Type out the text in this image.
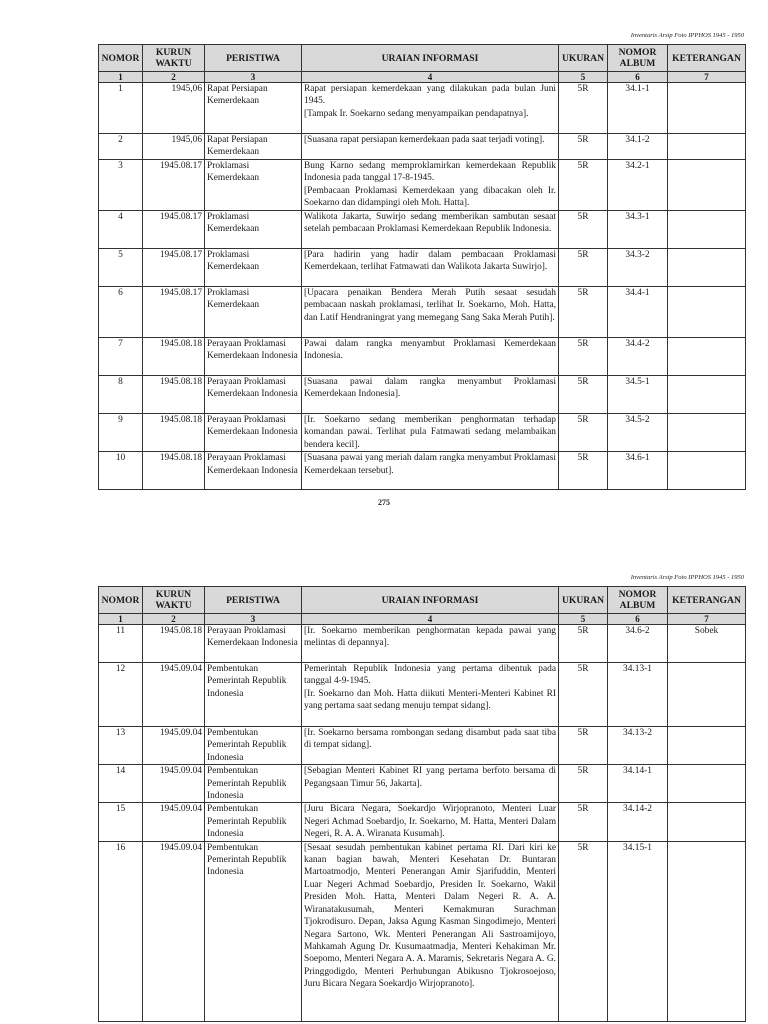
Inventaris Arsip Foto IPPHOS 1945 - 1950
NOMOR	KURUN WAKTU	PERISTIWA	URAIAN INFORMASI	UKURAN	NOMOR ALBUM	KETERANGAN
1	2	3	4	5	6	7
1	1945,06	Rapat Persiapan Kemerdekaan	Rapat persiapan kemerdekaan yang dilakukan pada bulan Juni 1945.
[Tampak Ir. Soekarno sedang menyampaikan pendapatnya].	5R	34.1-1	
2	1945,06	Rapat Persiapan Kemerdekaan	[Suasana rapat persiapan kemerdekaan pada saat terjadi voting].	5R	34.1-2	
3	1945.08.17	Proklamasi Kemerdekaan	Bung Karno sedang memproklamirkan kemerdekaan Republik Indonesia pada tanggal 17-8-1945.
[Pembacaan Proklamasi Kemerdekaan yang dibacakan oleh Ir. Soekarno dan didampingi oleh Moh. Hatta].	5R	34.2-1	
4	1945.08.17	Proklamasi Kemerdekaan	Walikota Jakarta, Suwirjo sedang memberikan sambutan sesaat setelah pembacaan Proklamasi Kemerdekaan Republik Indonesia.	5R	34.3-1	
5	1945.08.17	Proklamasi Kemerdekaan	[Para hadirin yang hadir dalam pembacaan Proklamasi Kemerdekaan, terlihat Fatmawati dan Walikota Jakarta Suwirjo].	5R	34.3-2	
6	1945.08.17	Proklamasi Kemerdekaan	[Upacara penaikan Bendera Merah Putih sesaat sesudah pembacaan naskah proklamasi, terlihat Ir. Soekarno, Moh. Hatta, dan Latif Hendraningrat yang memegang Sang Saka Merah Putih].	5R	34.4-1	
7	1945.08.18	Perayaan Proklamasi Kemerdekaan Indonesia	Pawai dalam rangka menyambut Proklamasi Kemerdekaan Indonesia.	5R	34.4-2	
8	1945.08.18	Perayaan Proklamasi Kemerdekaan Indonesia	[Suasana pawai dalam rangka menyambut Proklamasi Kemerdekaan Indonesia].	5R	34.5-1	
9	1945.08.18	Perayaan Proklamasi Kemerdekaan Indonesia	[Ir. Soekarno sedang memberikan penghormatan terhadap komandan pawai. Terlihat pula Fatmawati sedang melambaikan bendera kecil].	5R	34.5-2	
10	1945.08.18	Perayaan Proklamasi Kemerdekaan Indonesia	[Suasana pawai yang meriah dalam rangka menyambut Proklamasi Kemerdekaan tersebut].	5R	34.6-1	
275
Inventaris Arsip Foto IPPHOS 1945 - 1950
NOMOR	KURUN WAKTU	PERISTIWA	URAIAN INFORMASI	UKURAN	NOMOR ALBUM	KETERANGAN
1	2	3	4	5	6	7
11	1945.08.18	Perayaan Proklamasi Kemerdekaan Indonesia	[Ir. Soekarno memberikan penghormatan kepada pawai yang melintas di depannya].	5R	34.6-2	Sobek
12	1945.09.04	Pembentukan Pemerintah Republik Indonesia	Pemerintah Republik Indonesia yang pertama dibentuk pada tanggal 4-9-1945.
[Ir. Soekarno dan Moh. Hatta diikuti Menteri-Menteri Kabinet RI yang pertama saat sedang menuju tempat sidang].	5R	34.13-1	
13	1945.09.04	Pembentukan Pemerintah Republik Indonesia	[Ir. Soekarno bersama rombongan sedang disambut pada saat tiba di tempat sidang].	5R	34.13-2	
14	1945.09.04	Pembentukan Pemerintah Republik Indonesia	[Sebagian Menteri Kabinet RI yang pertama berfoto bersama di Pegangsaan Timur 56, Jakarta].	5R	34.14-1	
15	1945.09.04	Pembentukan Pemerintah Republik Indonesia	[Juru Bicara Negara, Soekardjo Wirjopranoto, Menteri Luar Negeri Achmad Soebardjo, Ir. Soekarno, M. Hatta, Menteri Dalam Negeri, R. A. A. Wiranata Kusumah].	5R	34.14-2	
16	1945.09.04	Pembentukan Pemerintah Republik Indonesia	[Sesaat sesudah pembentukan kabinet pertama RI. Dari kiri ke kanan bagian bawah, Menteri Kesehatan Dr. Buntaran Martoatmodjo, Menteri Penerangan Amir Sjarifuddin, Menteri Luar Negeri Achmad Soebardjo, Presiden Ir. Soekarno, Wakil Presiden Moh. Hatta, Menteri Dalam Negeri R. A. A. Wiranatakusumah, Menteri Kemakmuran Surachman Tjokrodisuro. Depan, Jaksa Agung Kasman Singodimejo, Menteri Negara Sartono, Wk. Menteri Penerangan Ali Sastroamijoyo, Mahkamah Agung Dr. Kusumaatmadja, Menteri Kehakiman Mr. Soepomo, Menteri Negara A. A. Maramis, Sekretaris Negara A. G. Pringgodigdo, Menteri Perhubungan Abikusno Tjokrosoejoso, Juru Bicara Negara Soekardjo Wirjopranoto].	5R	34.15-1	
